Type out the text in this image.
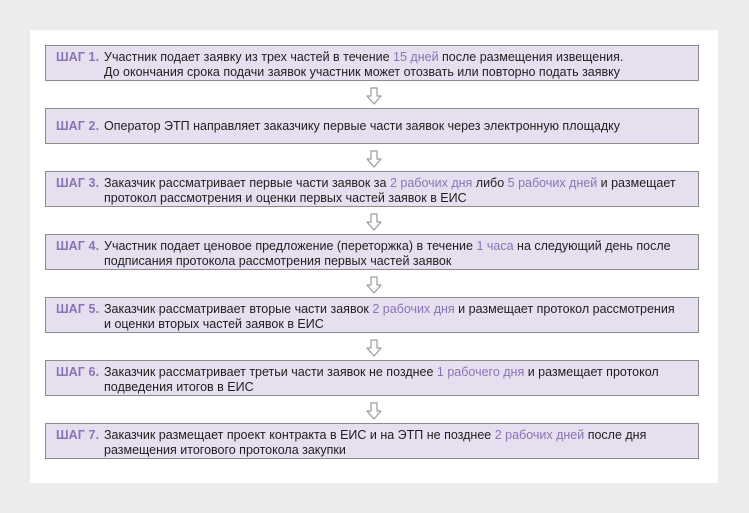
ШАГ 1. Участник подает заявку из трех частей в течение 15 дней после размещения извещения.
До окончания срока подачи заявок участник может отозвать или повторно подать заявку
ШАГ 2. Оператор ЭТП направляет заказчику первые части заявок через электронную площадку
ШАГ 3. Заказчик рассматривает первые части заявок за 2 рабочих дня либо 5 рабочих дней и размещает
протокол рассмотрения и оценки первых частей заявок в ЕИС
ШАГ 4. Участник подает ценовое предложение (переторжка) в течение 1 часа на следующий день после
подписания протокола рассмотрения первых частей заявок
ШАГ 5. Заказчик рассматривает вторые части заявок 2 рабочих дня и размещает протокол рассмотрения
и оценки вторых частей заявок в ЕИС
ШАГ 6. Заказчик рассматривает третьи части заявок не позднее 1 рабочего дня и размещает протокол
подведения итогов в ЕИС
ШАГ 7. Заказчик размещает проект контракта в ЕИС и на ЭТП не позднее 2 рабочих дней после дня
размещения итогового протокола закупки
